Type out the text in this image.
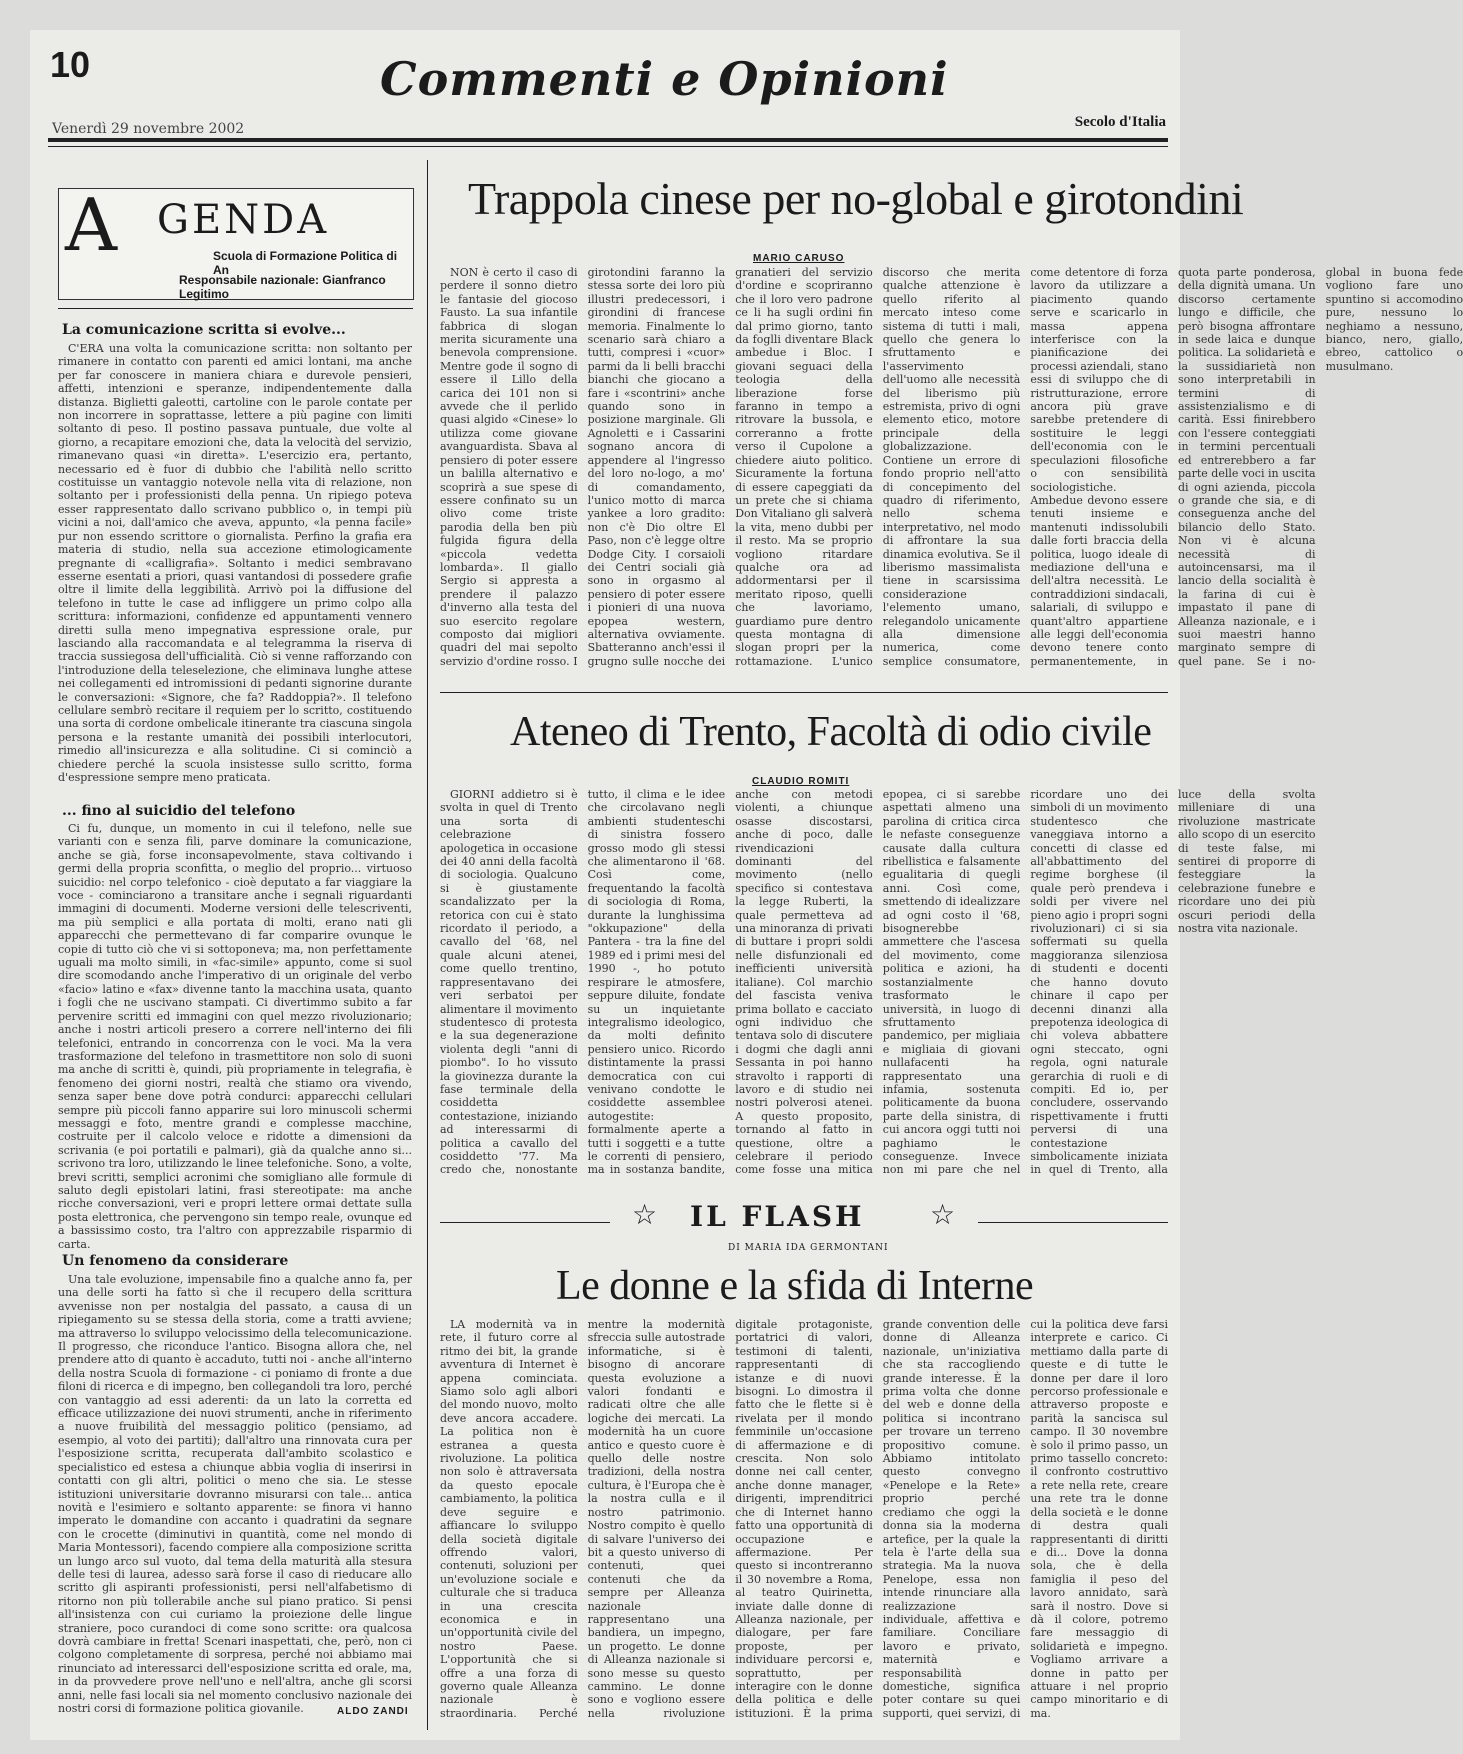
10	Commenti e Opinioni
Venerdì 29 novembre 2002	Secolo d'Italia
A GENDA
Scuola di Formazione Politica di An
Responsabile nazionale: Gianfranco Legitimo
La comunicazione scritta si evolve...

C'ERA una volta la comunicazione scritta: non soltanto per rimanere in contatto con parenti ed amici lontani, ma anche per far conoscere in maniera chiara e durevole pensieri, affetti, intenzioni e speranze, indipendentemente dalla distanza. Biglietti galeotti, cartoline con le parole contate per non incorrere in soprattasse, lettere a più pagine con limiti soltanto di peso. Il postino passava puntuale, due volte al giorno, a recapitare emozioni che, data la velocità del servizio, rimanevano quasi «in diretta». L'esercizio era, pertanto, necessario ed è fuor di dubbio che l'abilità nello scritto costituisse un vantaggio notevole nella vita di relazione, non soltanto per i professionisti della penna. Un ripiego poteva esser rappresentato dallo scrivano pubblico o, in tempi più vicini a noi, dall'amico che aveva, appunto, «la penna facile» pur non essendo scrittore o giornalista. Perfino la grafia era materia di studio, nella sua accezione etimologicamente pregnante di «calligrafia». Soltanto i medici sembravano esserne esentati a priori, quasi vantandosi di possedere grafie oltre il limite della leggibilità. Arrivò poi la diffusione del telefono in tutte le case ad infliggere un primo colpo alla scrittura: informazioni, confidenze ed appuntamenti vennero diretti sulla meno impegnativa espressione orale, pur lasciando alla raccomandata e al telegramma la riserva di traccia sussiegosa dell'ufficialità. Ciò si venne rafforzando con l'introduzione della teleselezione, che eliminava lunghe attese nei collegamenti ed intromissioni di pedanti signorine durante le conversazioni: «Signore, che fa? Raddoppia?». Il telefono cellulare sembrò recitare il requiem per lo scritto, costituendo una sorta di cordone ombelicale itinerante tra ciascuna singola persona e la restante umanità dei possibili interlocutori, rimedio all'insicurezza e alla solitudine. Ci si cominciò a chiedere perché la scuola insistesse sullo scritto, forma d'espressione sempre meno praticata.

... fino al suicidio del telefono

Ci fu, dunque, un momento in cui il telefono, nelle sue varianti con e senza fili, parve dominare la comunicazione, anche se già, forse inconsapevolmente, stava coltivando i germi della propria sconfitta, o meglio del proprio... virtuoso suicidio: nel corpo telefonico - cioè deputato a far viaggiare la voce - cominciarono a transitare anche i segnali riguardanti immagini di documenti. Moderne versioni delle telescriventi, ma più semplici e alla portata di molti, erano nati gli apparecchi che permettevano di far comparire ovunque le copie di tutto ciò che vi si sottoponeva; ma, non perfettamente uguali ma molto simili, in «fac-simile» appunto, come si suol dire scomodando anche l'imperativo di un originale del verbo «facio» latino e «fax» divenne tanto la macchina usata, quanto i fogli che ne uscivano stampati. Ci divertimmo subito a far pervenire scritti ed immagini con quel mezzo rivoluzionario; anche i nostri articoli presero a correre nell'interno dei fili telefonici, entrando in concorrenza con le voci. Ma la vera trasformazione del telefono in trasmettitore non solo di suoni ma anche di scritti è, quindi, più propriamente in telegrafia, è fenomeno dei giorni nostri, realtà che stiamo ora vivendo, senza saper bene dove potrà condurci: apparecchi cellulari sempre più piccoli fanno apparire sui loro minuscoli schermi messaggi e foto, mentre grandi e complesse macchine, costruite per il calcolo veloce e ridotte a dimensioni da scrivania (e poi portatili e palmari), già da qualche anno si... scrivono tra loro, utilizzando le linee telefoniche. Sono, a volte, brevi scritti, semplici acronimi che somigliano alle formule di saluto degli epistolari latini, frasi stereotipate: ma anche ricche conversazioni, veri e propri lettere ormai dettate sulla posta elettronica, che pervengono sin tempo reale, ovunque ed a bassissimo costo, tra l'altro con apprezzabile risparmio di carta.

Un fenomeno da considerare

Una tale evoluzione, impensabile fino a qualche anno fa, per una delle sorti ha fatto sì che il recupero della scrittura avvenisse non per nostalgia del passato, a causa di un ripiegamento su se stessa della storia, come a tratti avviene; ma attraverso lo sviluppo velocissimo della telecomunicazione. Il progresso, che riconduce l'antico. Bisogna allora che, nel prendere atto di quanto è accaduto, tutti noi - anche all'interno della nostra Scuola di formazione - ci poniamo di fronte a due filoni di ricerca e di impegno, ben collegandoli tra loro, perché con vantaggio ad essi aderenti: da un lato la corretta ed efficace utilizzazione dei nuovi strumenti, anche in riferimento a nuove fruibilità del messaggio politico (pensiamo, ad esempio, al voto dei partiti); dall'altro una rinnovata cura per l'esposizione scritta, recuperata dall'ambito scolastico e specialistico ed estesa a chiunque abbia voglia di inserirsi in contatti con gli altri, politici o meno che sia. Le stesse istituzioni universitarie dovranno misurarsi con tale... antica novità e l'esimiero e soltanto apparente: se finora vi hanno imperato le domandine con accanto i quadratini da segnare con le crocette (diminutivi in quantità, come nel mondo di Maria Montessori), facendo compiere alla composizione scritta un lungo arco sul vuoto, dal tema della maturità alla stesura delle tesi di laurea, adesso sarà forse il caso di rieducare allo scritto gli aspiranti professionisti, persi nell'alfabetismo di ritorno non più tollerabile anche sul piano pratico. Si pensi all'insistenza con cui curiamo la proiezione delle lingue straniere, poco curandoci di come sono scritte: ora qualcosa dovrà cambiare in fretta! Scenari inaspettati, che, però, non ci colgono completamente di sorpresa, perché noi abbiamo mai rinunciato ad interessarci dell'esposizione scritta ed orale, ma, in da provvedere prove nell'uno e nell'altra, anche gli scorsi anni, nelle fasi locali sia nel momento conclusivo nazionale dei nostri corsi di formazione politica giovanile.	ALDO ZANDI
Trappola cinese per no-global e girotondini
MARIO CARUSO

NON è certo il caso di perdere il sonno dietro le fantasie del giocoso Fausto. La sua infantile fabbrica di slogan merita sicuramente una benevola comprensione. Mentre gode il sogno di essere il Lillo della carica dei 101 non si avvede che il perlido quasi algido «Cinese» lo utilizza come giovane avanguardista. Sbava al pensiero di poter essere un balilla alternativo e scoprirà a sue spese di essere confinato su un olivo come triste parodia della ben più fulgida figura della «piccola vedetta lombarda». Il giallo Sergio si appresta a prendere il palazzo d'inverno alla testa del suo esercito regolare composto dai migliori quadri del mai sepolto servizio d'ordine rosso. I girotondini faranno la stessa sorte dei loro più illustri predecessori, i girondini di francese memoria. Finalmente lo scenario sarà chiaro a tutti, compresi i «cuor» parmi da li belli bracchi bianchi che giocano a fare i «scontrini» anche quando sono in posizione marginale. Gli Agnoletti e i Cassarini sognano ancora di appendere al l'ingresso del loro no-logo, a mo' di comandamento, l'unico motto di marca yankee a loro gradito: non c'è Dio oltre El Paso, non c'è legge oltre Dodge City. I corsaioli dei Centri sociali già sono in orgasmo al pensiero di poter essere i pionieri di una nuova epopea western, alternativa ovviamente. Sbatteranno anch'essi il grugno sulle nocche dei granatieri del servizio d'ordine e scopriranno che il loro vero padrone ce li ha sugli ordini fin dal primo giorno, tanto da foglli diventare Black ambedue i Bloc. I giovani seguaci della teologia della liberazione forse faranno in tempo a ritrovare la bussola, e correranno a frotte verso il Cupolone a chiedere aiuto politico. Sicuramente la fortuna di essere capeggiati da un prete che si chiama Don Vitaliano gli salverà la vita, meno dubbi per il resto. Ma se proprio vogliono ritardare qualche ora ad addormentarsi per il meritato riposo, quelli che lavoriamo, guardiamo pure dentro questa montagna di slogan propri per la rottamazione. L'unico discorso che merita qualche attenzione è quello riferito al mercato inteso come sistema di tutti i mali, quello che genera lo sfruttamento e l'asservimento dell'uomo alle necessità del liberismo più estremista, privo di ogni elemento etico, motore principale della globalizzazione. Contiene un errore di fondo proprio nell'atto di concepimento del quadro di riferimento, nello schema interpretativo, nel modo di affrontare la sua dinamica evolutiva. Se il liberismo massimalista tiene in scarsissima considerazione l'elemento umano, relegandolo unicamente alla dimensione numerica, come semplice consumatore, come detentore di forza lavoro da utilizzare a piacimento quando serve e scaricarlo in massa appena interferisce con la pianificazione dei processi aziendali, stano essi di sviluppo che di ristrutturazione, errore ancora più grave sarebbe pretendere di sostituire le leggi dell'economia con le speculazioni filosofiche o con sensibilità sociologistiche. Ambedue devono essere tenuti insieme e mantenuti indissolubili dalle forti braccia della politica, luogo ideale di mediazione dell'una e dell'altra necessità. Le contraddizioni sindacali, salariali, di sviluppo e quant'altro appartiene alle leggi dell'economia devono tenere conto permanentemente, in quota parte ponderosa, della dignità umana. Un discorso certamente lungo e difficile, che però bisogna affrontare in sede laica e dunque politica. La solidarietà e la sussidiarietà non sono interpretabili in termini di assistenzialismo e di carità. Essi finirebbero con l'essere conteggiati in termini percentuali ed entrerebbero a far parte delle voci in uscita di ogni azienda, piccola o grande che sia, e di conseguenza anche del bilancio dello Stato. Non vi è alcuna necessità di autoincensarsi, ma il lancio della socialità è la farina di cui è impastato il pane di Alleanza nazionale, e i suoi maestri hanno marginato sempre di quel pane. Se i no-global in buona fede vogliono fare uno spuntino si accomodino pure, nessuno lo neghiamo a nessuno, bianco, nero, giallo, ebreo, cattolico o musulmano.

Ateneo di Trento, Facoltà di odio civile
CLAUDIO ROMITI

GIORNI addietro si è svolta in quel di Trento una sorta di celebrazione apologetica in occasione dei 40 anni della facoltà di sociologia. Qualcuno si è giustamente scandalizzato per la retorica con cui è stato ricordato il periodo, a cavallo del '68, nel quale alcuni atenei, come quello trentino, rappresentavano dei veri serbatoi per alimentare il movimento studentesco di protesta e la sua degenerazione violenta degli "anni di piombo". Io ho vissuto la giovinezza durante la fase terminale della cosiddetta contestazione, iniziando ad interessarmi di politica a cavallo del cosiddetto '77. Ma credo che, nonostante tutto, il clima e le idee che circolavano negli ambienti studenteschi di sinistra fossero grosso modo gli stessi che alimentarono il '68. Così come, frequentando la facoltà di sociologia di Roma, durante la lunghissima "okkupazione" della Pantera - tra la fine del 1989 ed i primi mesi del 1990 -, ho potuto respirare le atmosfere, seppure diluite, fondate su un inquietante integralismo ideologico, da molti definito pensiero unico. Ricordo distintamente la prassi democratica con cui venivano condotte le cosiddette assemblee autogestite: formalmente aperte a tutti i soggetti e a tutte le correnti di pensiero, ma in sostanza bandite, anche con metodi violenti, a chiunque osasse discostarsi, anche di poco, dalle rivendicazioni dominanti del movimento (nello specifico si contestava la legge Ruberti, la quale permetteva ad una minoranza di privati di buttare i propri soldi nelle disfunzionali ed inefficienti università italiane). Col marchio del fascista veniva prima bollato e cacciato ogni individuo che tentava solo di discutere i dogmi che dagli anni Sessanta in poi hanno stravolto i rapporti di lavoro e di studio nei nostri polverosi atenei. A questo proposito, tornando al fatto in questione, oltre a celebrare il periodo come fosse una mitica epopea, ci si sarebbe aspettati almeno una parolina di critica circa le nefaste conseguenze causate dalla cultura ribellistica e falsamente egualitaria di quegli anni. Così come, smettendo di idealizzare ad ogni costo il '68, bisognerebbe ammettere che l'ascesa del movimento, come politica e azioni, ha sostanzialmente trasformato le università, in luogo di sfruttamento pandemico, per migliaia e migliaia di giovani nullafacenti ha rappresentato una infamia, sostenuta politicamente da buona parte della sinistra, di cui ancora oggi tutti noi paghiamo le conseguenze. Invece non mi pare che nel ricordare uno dei simboli di un movimento studentesco che vaneggiava intorno a concetti di classe ed all'abbattimento del regime borghese (il quale però prendeva i soldi per vivere nel pieno agio i propri sogni rivoluzionari) ci si sia soffermati su quella maggioranza silenziosa di studenti e docenti che hanno dovuto chinare il capo per decenni dinanzi alla prepotenza ideologica di chi voleva abbattere ogni steccato, ogni regola, ogni naturale gerarchia di ruoli e di compiti. Ed io, per concludere, osservando rispettivamente i frutti perversi di una contestazione simbolicamente iniziata in quel di Trento, alla luce della svolta milleniare di una rivoluzione mastricate allo scopo di un esercito di teste false, mi sentirei di proporre di festeggiare la celebrazione funebre e ricordare uno dei più oscuri periodi della nostra vita nazionale.

☆ IL FLASH ☆
DI MARIA IDA GERMONTANI
Le donne e la sfida di Interne

LA modernità va in rete, il futuro corre al ritmo dei bit, la grande avventura di Internet è appena cominciata. Siamo solo agli albori del mondo nuovo, molto deve ancora accadere. La politica non è estranea a questa rivoluzione. La politica non solo è attraversata da questo epocale cambiamento, la politica deve seguire e affiancare lo sviluppo della società digitale offrendo valori, contenuti, soluzioni per un'evoluzione sociale e culturale che si traduca in una crescita economica e in un'opportunità civile del nostro Paese. L'opportunità che si offre a una forza di governo quale Alleanza nazionale è straordinaria. Perché mentre la modernità sfreccia sulle autostrade informatiche, si è bisogno di ancorare questa evoluzione a valori fondanti e radicati oltre che alle logiche dei mercati. La modernità ha un cuore antico e questo cuore è quello delle nostre tradizioni, della nostra cultura, è l'Europa che è la nostra culla e il nostro patrimonio. Nostro compito è quello di salvare l'universo dei bit a questo universo di contenuti, quei contenuti che da sempre per Alleanza nazionale rappresentano una bandiera, un impegno, un progetto. Le donne di Alleanza nazionale si sono messe su questo cammino. Le donne sono e vogliono essere nella rivoluzione digitale protagoniste, portatrici di valori, testimoni di talenti, rappresentanti di istanze e di nuovi bisogni. Lo dimostra il fatto che le flette si è rivelata per il mondo femminile un'occasione di affermazione e di crescita. Non solo donne nei call center, anche donne manager, dirigenti, imprenditrici che di Internet hanno fatto una opportunità di occupazione e affermazione. Per questo si incontreranno il 30 novembre a Roma, al teatro Quirinetta, inviate dalle donne di Alleanza nazionale, per dialogare, per fare proposte, per individuare percorsi e, soprattutto, per interagire con le donne della politica e delle istituzioni. È la prima grande convention delle donne di Alleanza nazionale, un'iniziativa che sta raccogliendo grande interesse. È la prima volta che donne del web e donne della politica si incontrano per trovare un terreno propositivo comune. Abbiamo intitolato questo convegno «Penelope e la Rete» proprio perché crediamo che oggi la donna sia la moderna artefice, per la quale la tela è l'arte della sua strategia. Ma la nuova Penelope, essa non intende rinunciare alla realizzazione individuale, affettiva e familiare. Conciliare lavoro e privato, maternità e responsabilità domestiche, significa poter contare su quei supporti, quei servizi, di cui la politica deve farsi interprete e carico. Ci mettiamo dalla parte di queste e di tutte le donne per dare il loro percorso professionale e attraverso proposte e parità la sancisca sul campo. Il 30 novembre è solo il primo passo, un primo tassello concreto: il confronto costruttivo a rete nella rete, creare una rete tra le donne della società e le donne di destra quali rappresentanti di diritti e di... Dove la donna sola, che è della famiglia il peso del lavoro annidato, sarà sarà il nostro. Dove si dà il colore, potremo fare messaggio di solidarietà e impegno. Vogliamo arrivare a donne in patto per attuare i nel proprio campo minoritario e di ma.
